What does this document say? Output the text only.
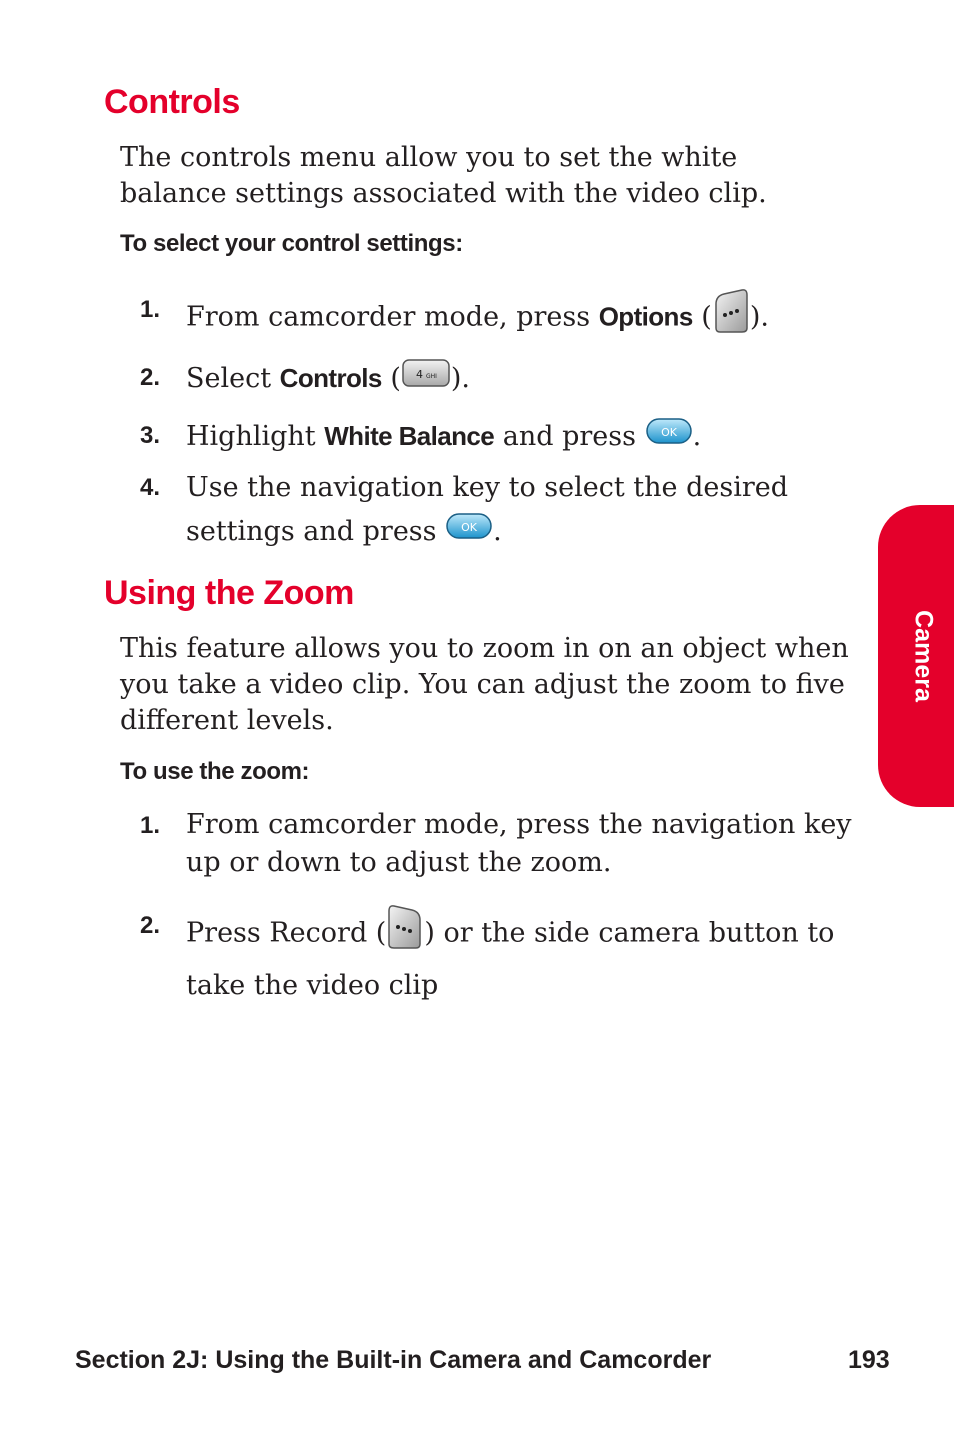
Controls

The controls menu allow you to set the white balance settings associated with the video clip.

To select your control settings:

1. From camcorder mode, press Options ( ).
2. Select Controls ( 4 GHI ).
3. Highlight White Balance and press OK .
4. Use the navigation key to select the desired settings and press OK .
Using the Zoom

This feature allows you to zoom in on an object when you take a video clip. You can adjust the zoom to five different levels.

To use the zoom:

1. From camcorder mode, press the navigation key up or down to adjust the zoom.
2. Press Record ( ) or the side camera button to take the video clip
Camera
Section 2J: Using the Built-in Camera and Camcorder	193
